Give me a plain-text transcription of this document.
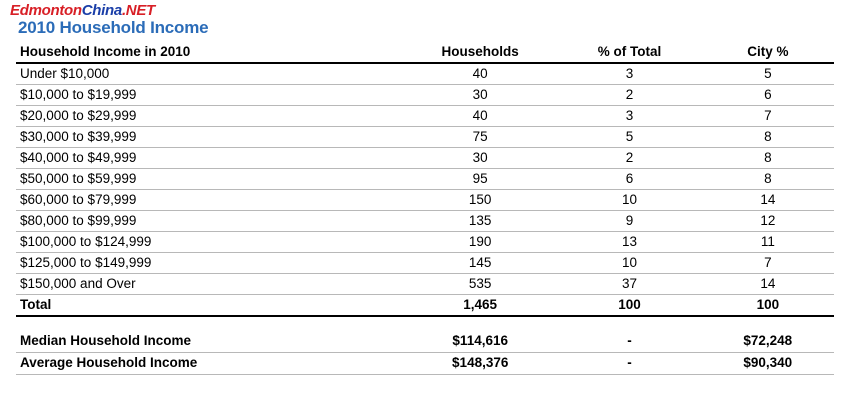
EdmontonChina.NET
2010 Household Income
Household Income in 2010	Households	% of Total	City %
Under $10,000	40	3	5
$10,000 to $19,999	30	2	6
$20,000 to $29,999	40	3	7
$30,000 to $39,999	75	5	8
$40,000 to $49,999	30	2	8
$50,000 to $59,999	95	6	8
$60,000 to $79,999	150	10	14
$80,000 to $99,999	135	9	12
$100,000 to $124,999	190	13	11
$125,000 to $149,999	145	10	7
$150,000 and Over	535	37	14
Total	1,465	100	100
Median Household Income	$114,616	-	$72,248
Average Household Income	$148,376	-	$90,340
